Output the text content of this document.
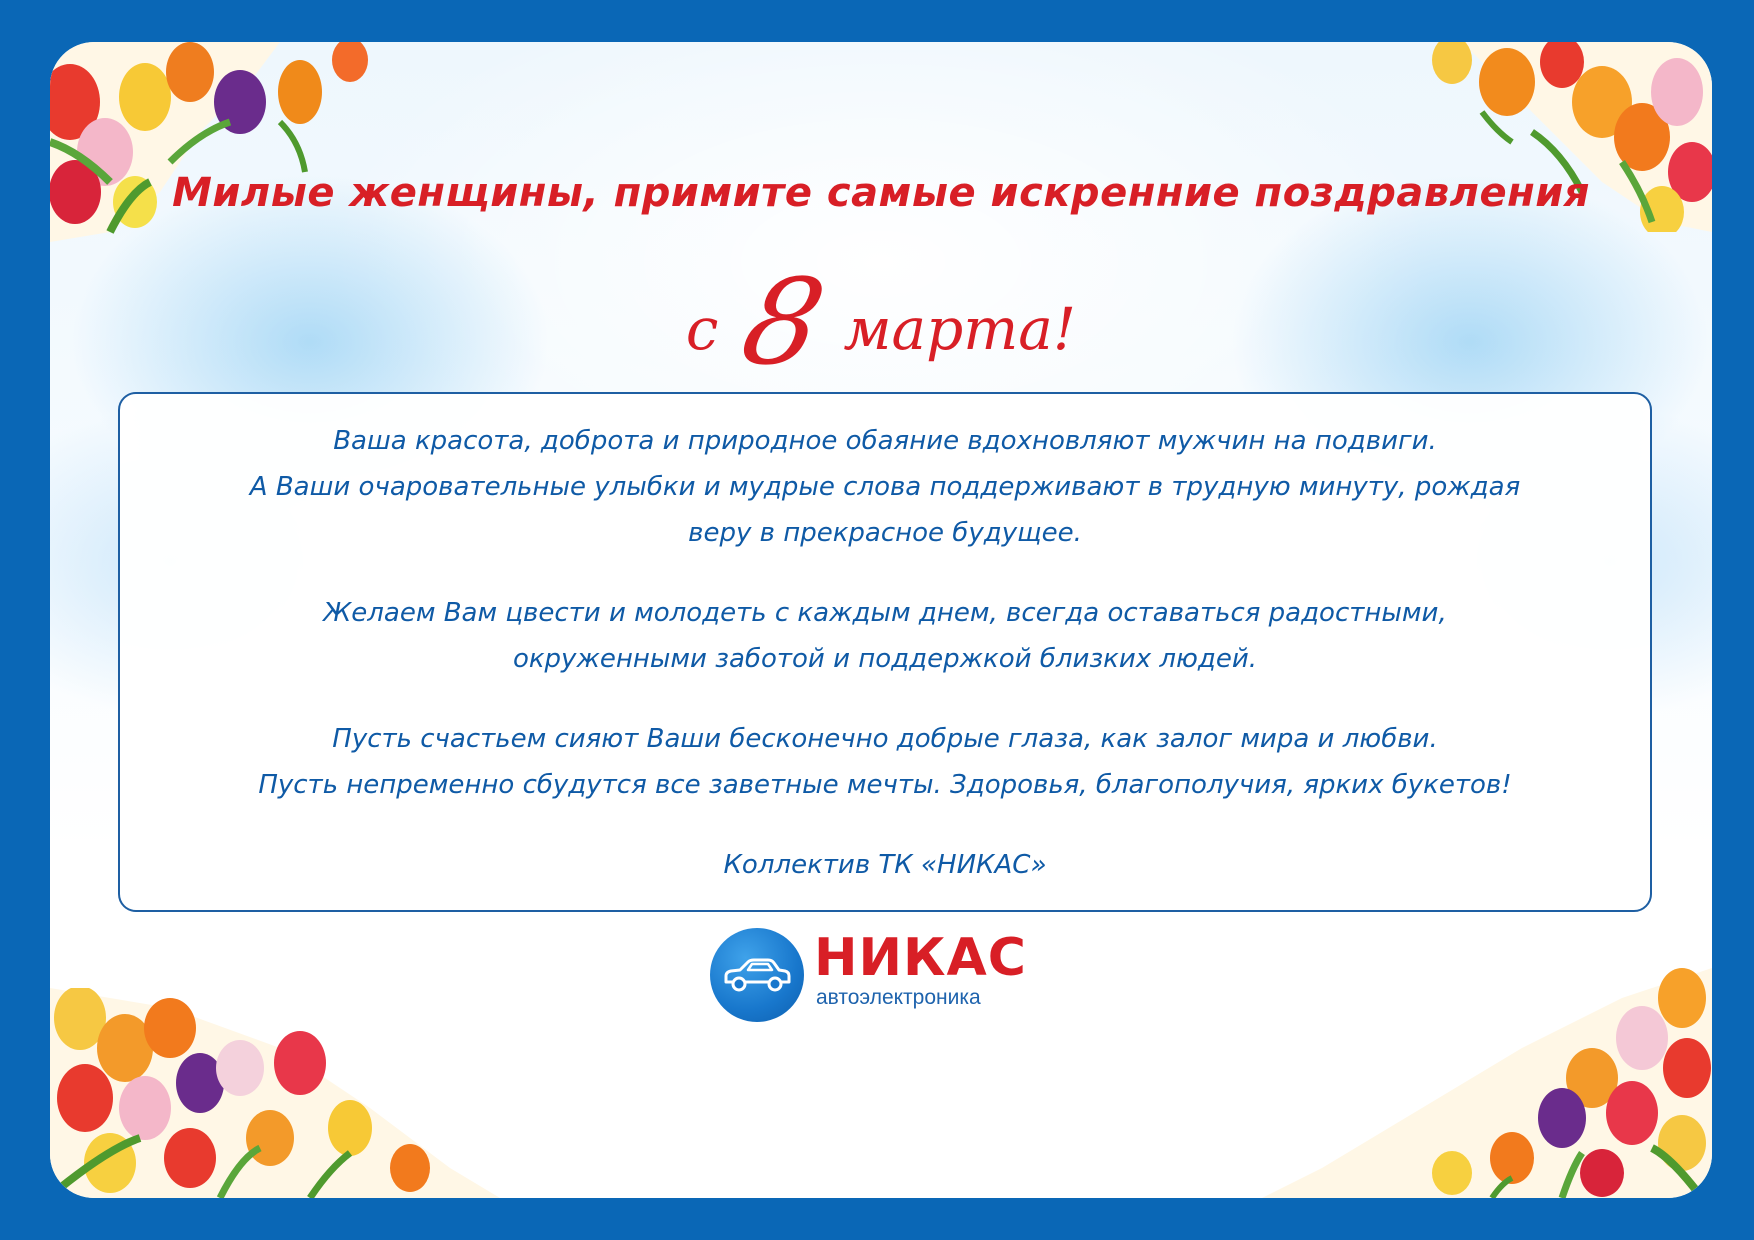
Милые женщины, примите самые искренние поздравления
с 8 марта!

Ваша красота, доброта и природное обаяние вдохновляют мужчин на подвиги.

А Ваши очаровательные улыбки и мудрые слова поддерживают в трудную минуту, рождая

веру в прекрасное будущее.

Желаем Вам цвести и молодеть с каждым днем, всегда оставаться радостными,

окруженными заботой и поддержкой близких людей.

Пусть счастьем сияют Ваши бесконечно добрые глаза, как залог мира и любви.

Пусть непременно сбудутся все заветные мечты. Здоровья, благополучия, ярких букетов!

Коллектив ТК «НИКАС»

НИКАС
автоэлектроника
